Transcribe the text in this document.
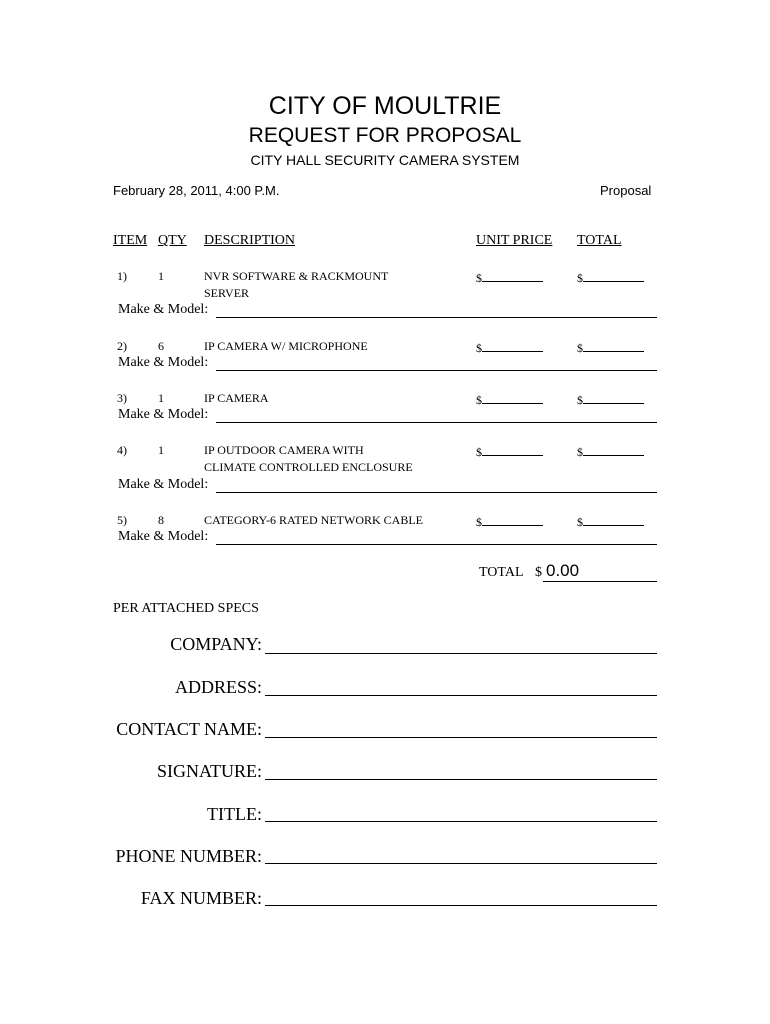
CITY OF MOULTRIE
REQUEST FOR PROPOSAL
CITY HALL SECURITY CAMERA SYSTEM
February 28, 2011, 4:00 P.M.	Proposal
ITEM QTY DESCRIPTION	UNIT PRICE TOTAL
1)	1	NVR SOFTWARE & RACKMOUNT
SERVER
$	$
Make & Model:
2)	6	IP CAMERA W/ MICROPHONE	$	$
Make & Model:
3)	1	IP CAMERA	$	$
Make & Model:
4)	1	IP OUTDOOR CAMERA WITH
CLIMATE CONTROLLED ENCLOSURE
$	$
Make & Model:
5)	8	CATEGORY-6 RATED NETWORK CABLE	$	$
Make & Model:
TOTAL $ 0.00
PER ATTACHED SPECS
COMPANY:
ADDRESS:
CONTACT NAME:
SIGNATURE:
TITLE:
PHONE NUMBER:
FAX NUMBER:
